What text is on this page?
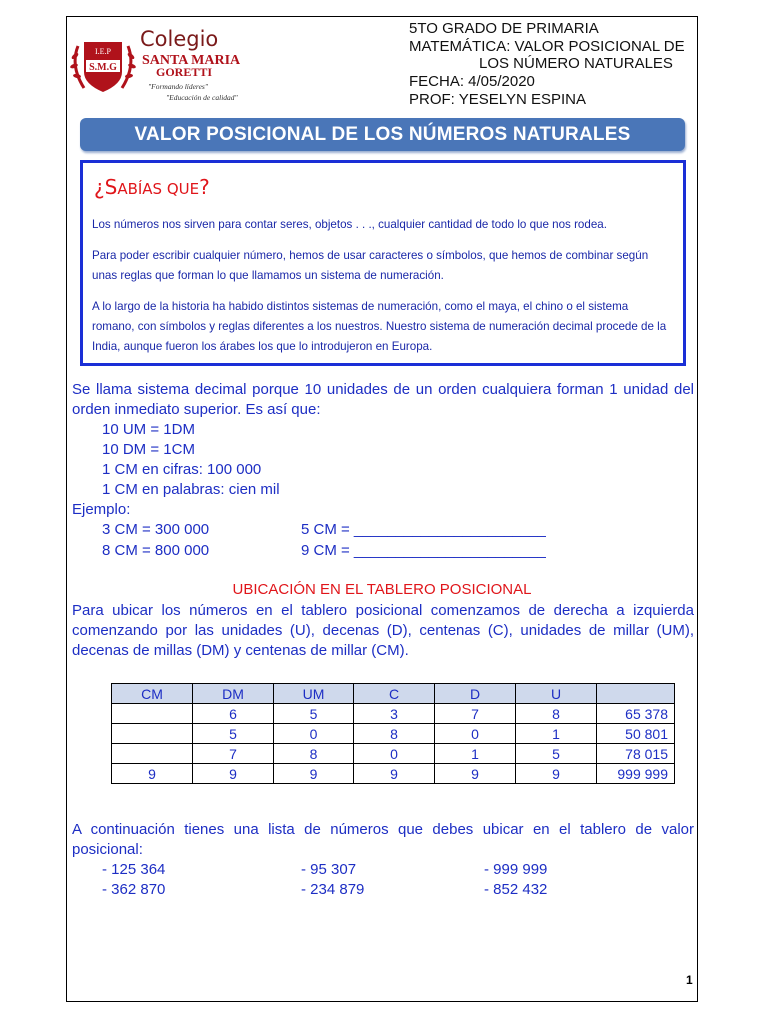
I.E.P
S.M.G
Colegio
SANTA MARIA
GORETTI
"Formando líderes"
"Educación de calidad"
5TO GRADO DE PRIMARIA
MATEMÁTICA: VALOR POSICIONAL DE
LOS NÚMERO NATURALES
FECHA: 4/05/2020
PROF: YESELYN ESPINA
VALOR POSICIONAL DE LOS NÚMEROS NATURALES
¿SABÍAS QUE?
Los números nos sirven para contar seres, objetos . . ., cualquier cantidad de todo lo que nos rodea.
Para poder escribir cualquier número, hemos de usar caracteres o símbolos, que hemos de combinar según unas reglas que forman lo que llamamos un sistema de numeración.
A lo largo de la historia ha habido distintos sistemas de numeración, como el maya, el chino o el sistema romano, con símbolos y reglas diferentes a los nuestros. Nuestro sistema de numeración decimal procede de la India, aunque fueron los árabes los que lo introdujeron en Europa.
Se llama sistema decimal porque 10 unidades de un orden cualquiera forman 1 unidad del orden inmediato superior. Es así que:
10 UM = 1DM
10 DM = 1CM
1 CM en cifras: 100 000
1 CM en palabras: cien mil
Ejemplo:
3 CM = 300 000	5 CM = _______________________
8 CM = 800 000	9 CM = _______________________
UBICACIÓN EN EL TABLERO POSICIONAL
Para ubicar los números en el tablero posicional comenzamos de derecha a izquierda comenzando por las unidades (U), decenas (D), centenas (C), unidades de millar (UM), decenas de millas (DM) y centenas de millar (CM).
CM	DM	UM	C	D	U	
	6	5	3	7	8	65 378
	5	0	8	0	1	50 801
	7	8	0	1	5	78 015
9	9	9	9	9	9	999 999
A continuación tienes una lista de números que debes ubicar en el tablero de valor posicional:
- 125 364	- 95 307	- 999 999
- 362 870	- 234 879	- 852 432
1
